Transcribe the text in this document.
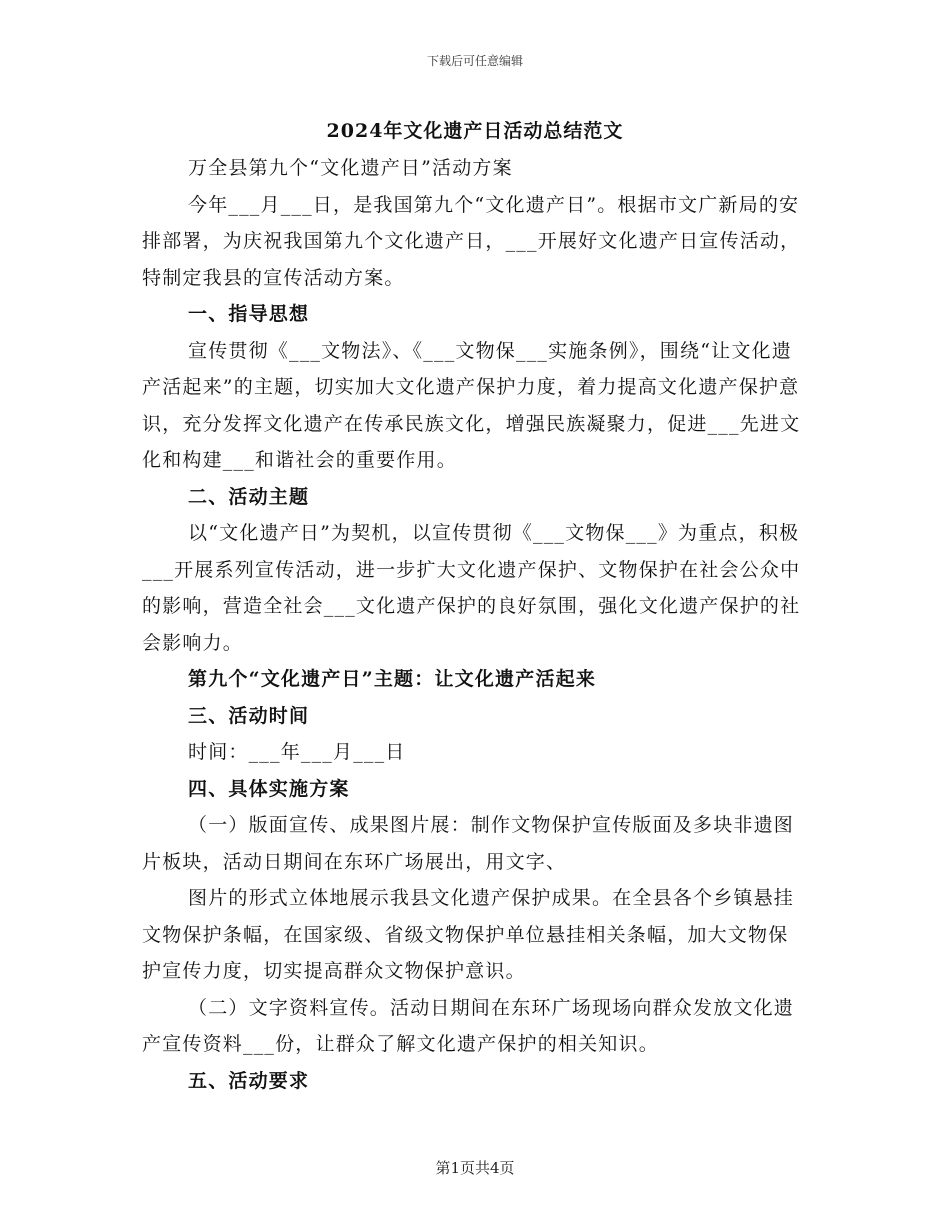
下载后可任意编辑
2024年文化遗产日活动总结范文

万全县第九个“文化遗产日”活动方案

今年___月___日，是我国第九个“文化遗产日”。根据市文广新局的安排部署，为庆祝我国第九个文化遗产日，___开展好文化遗产日宣传活动，特制定我县的宣传活动方案。

一、指导思想

宣传贯彻《___文物法》、《___文物保___实施条例》，围绕“让文化遗产活起来”的主题，切实加大文化遗产保护力度，着力提高文化遗产保护意识，充分发挥文化遗产在传承民族文化，增强民族凝聚力，促进___先进文化和构建___和谐社会的重要作用。

二、活动主题

以“文化遗产日”为契机，以宣传贯彻《___文物保___》为重点，积极___开展系列宣传活动，进一步扩大文化遗产保护、文物保护在社会公众中的影响，营造全社会___文化遗产保护的良好氛围，强化文化遗产保护的社会影响力。

第九个“文化遗产日”主题：让文化遗产活起来

三、活动时间

时间：___年___月___日

四、具体实施方案

（一）版面宣传、成果图片展：制作文物保护宣传版面及多块非遗图片板块，活动日期间在东环广场展出，用文字、

图片的形式立体地展示我县文化遗产保护成果。在全县各个乡镇悬挂文物保护条幅，在国家级、省级文物保护单位悬挂相关条幅，加大文物保护宣传力度，切实提高群众文物保护意识。

（二）文字资料宣传。活动日期间在东环广场现场向群众发放文化遗产宣传资料___份，让群众了解文化遗产保护的相关知识。

五、活动要求

第1页共4页
